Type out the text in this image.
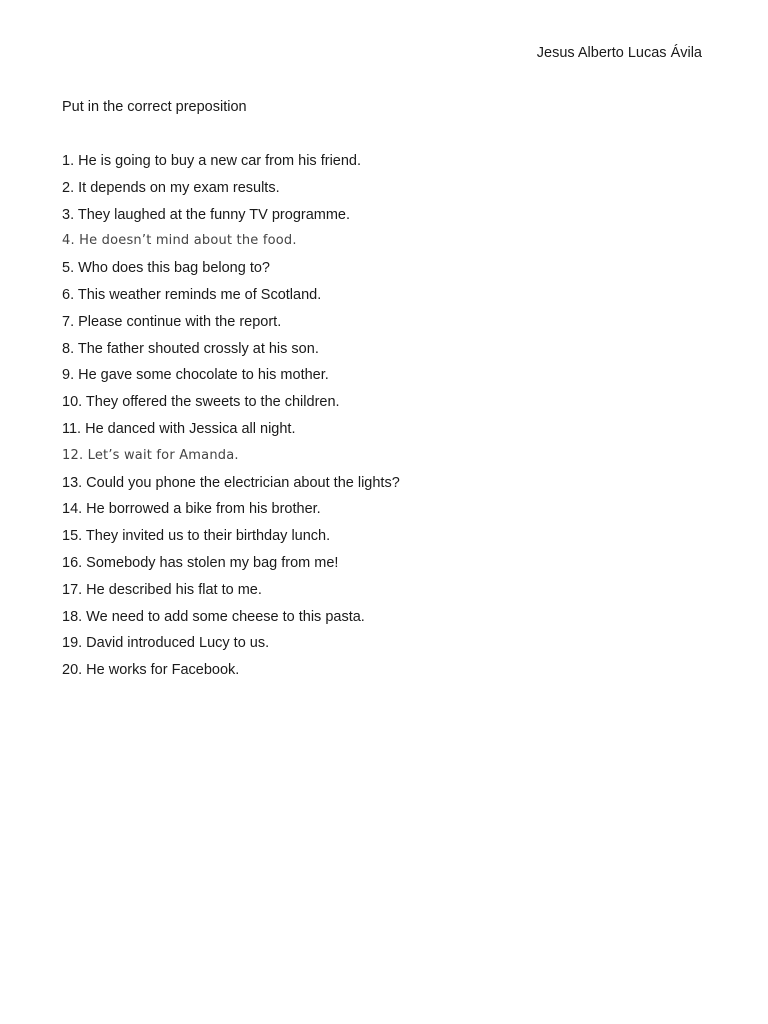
Jesus Alberto Lucas Ávila
Put in the correct preposition
1. He is going to buy a new car from his friend.
2. It depends on my exam results.
3. They laughed at the funny TV programme.
4. He doesn’t mind about the food.
5. Who does this bag belong to?
6. This weather reminds me of Scotland.
7. Please continue with the report.
8. The father shouted crossly at his son.
9. He gave some chocolate to his mother.
10. They offered the sweets to the children.
11. He danced with Jessica all night.
12. Let’s wait for Amanda.
13. Could you phone the electrician about the lights?
14. He borrowed a bike from his brother.
15. They invited us to their birthday lunch.
16. Somebody has stolen my bag from me!
17. He described his flat to me.
18. We need to add some cheese to this pasta.
19. David introduced Lucy to us.
20. He works for Facebook.
